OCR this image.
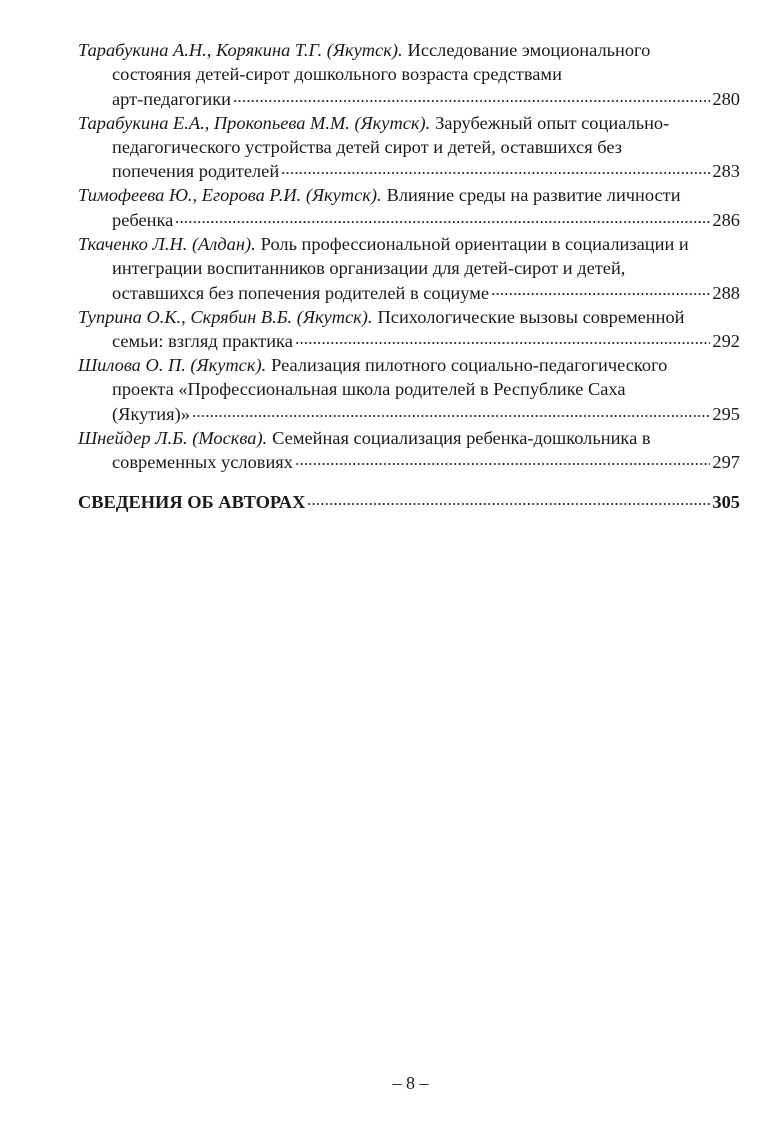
Тарабукина А.Н., Корякина Т.Г. (Якутск). Исследование эмоционального
состояния детей-сирот дошкольного возраста средствами
арт-педагогики	280
Тарабукина Е.А., Прокопьева М.М. (Якутск). Зарубежный опыт социально-
педагогического устройства детей сирот и детей, оставшихся без
попечения родителей	283
Тимофеева Ю., Егорова Р.И. (Якутск). Влияние среды на развитие личности
ребенка	286
Ткаченко Л.Н. (Алдан). Роль профессиональной ориентации в социализации и
интеграции воспитанников организации для детей-сирот и детей,
оставшихся без попечения родителей в социуме	288
Туприна О.К., Скрябин В.Б. (Якутск). Психологические вызовы современной
семьи: взгляд практика	292
Шилова О. П. (Якутск). Реализация пилотного социально-педагогического
проекта «Профессиональная школа родителей в Республике Саха
(Якутия)»	295
Шнейдер Л.Б. (Москва). Семейная социализация ребенка-дошкольника в
современных условиях	297
СВЕДЕНИЯ ОБ АВТОРАХ	305
– 8 –
